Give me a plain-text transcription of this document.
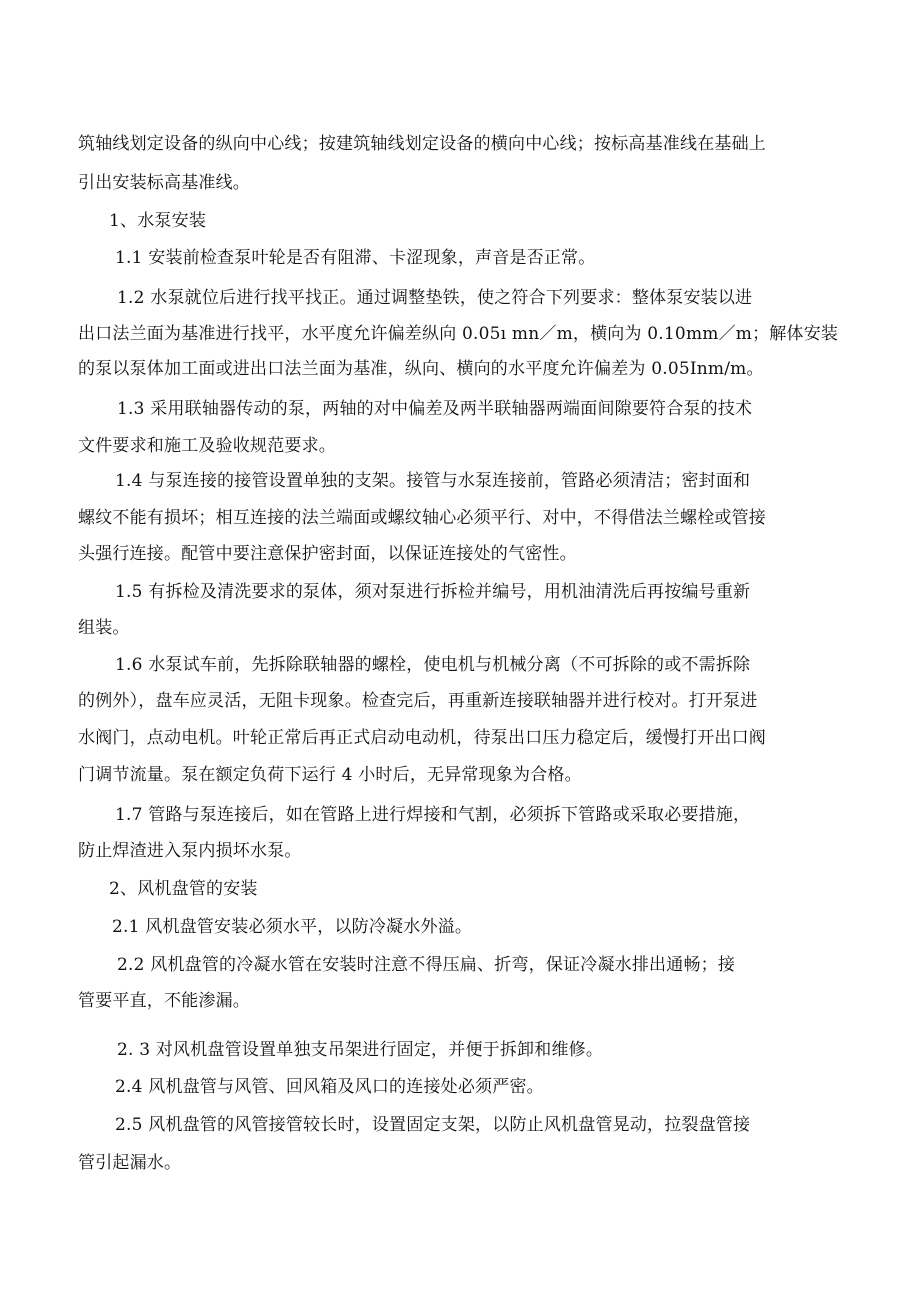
筑轴线划定设备的纵向中心线；按建筑轴线划定设备的横向中心线；按标高基准线在基础上
引出安装标高基准线。
1、水泵安装
1.1 安装前检查泵叶轮是否有阻滞、卡涩现象，声音是否正常。
1.2 水泵就位后进行找平找正。通过调整垫铁，使之符合下列要求：整体泵安装以进
出口法兰面为基准进行找平，水平度允许偏差纵向 0.05ı mn／m，横向为 0.10mm／m；解体安装
的泵以泵体加工面或进出口法兰面为基准，纵向、横向的水平度允许偏差为 0.05Inm/m。
1.3 采用联轴器传动的泵，两轴的对中偏差及两半联轴器两端面间隙要符合泵的技术
文件要求和施工及验收规范要求。
1.4 与泵连接的接管设置单独的支架。接管与水泵连接前，管路必须清洁；密封面和
螺纹不能有损坏；相互连接的法兰端面或螺纹轴心必须平行、对中，不得借法兰螺栓或管接
头强行连接。配管中要注意保护密封面，以保证连接处的气密性。
1.5 有拆检及清洗要求的泵体，须对泵进行拆检并编号，用机油清洗后再按编号重新
组装。
1.6 水泵试车前，先拆除联轴器的螺栓，使电机与机械分离（不可拆除的或不需拆除
的例外），盘车应灵活，无阻卡现象。检查完后，再重新连接联轴器并进行校对。打开泵进
水阀门，点动电机。叶轮正常后再正式启动电动机，待泵出口压力稳定后，缓慢打开出口阀
门调节流量。泵在额定负荷下运行 4 小时后，无异常现象为合格。
1.7 管路与泵连接后，如在管路上进行焊接和气割，必须拆下管路或采取必要措施，
防止焊渣进入泵内损坏水泵。
2、风机盘管的安装
2.1 风机盘管安装必须水平，以防冷凝水外溢。
2.2 风机盘管的冷凝水管在安装时注意不得压扁、折弯，保证冷凝水排出通畅；接
管要平直，不能渗漏。
2. 3 对风机盘管设置单独支吊架进行固定，并便于拆卸和维修。
2.4 风机盘管与风管、回风箱及风口的连接处必须严密。
2.5 风机盘管的风管接管较长时，设置固定支架，以防止风机盘管晃动，拉裂盘管接
管引起漏水。
